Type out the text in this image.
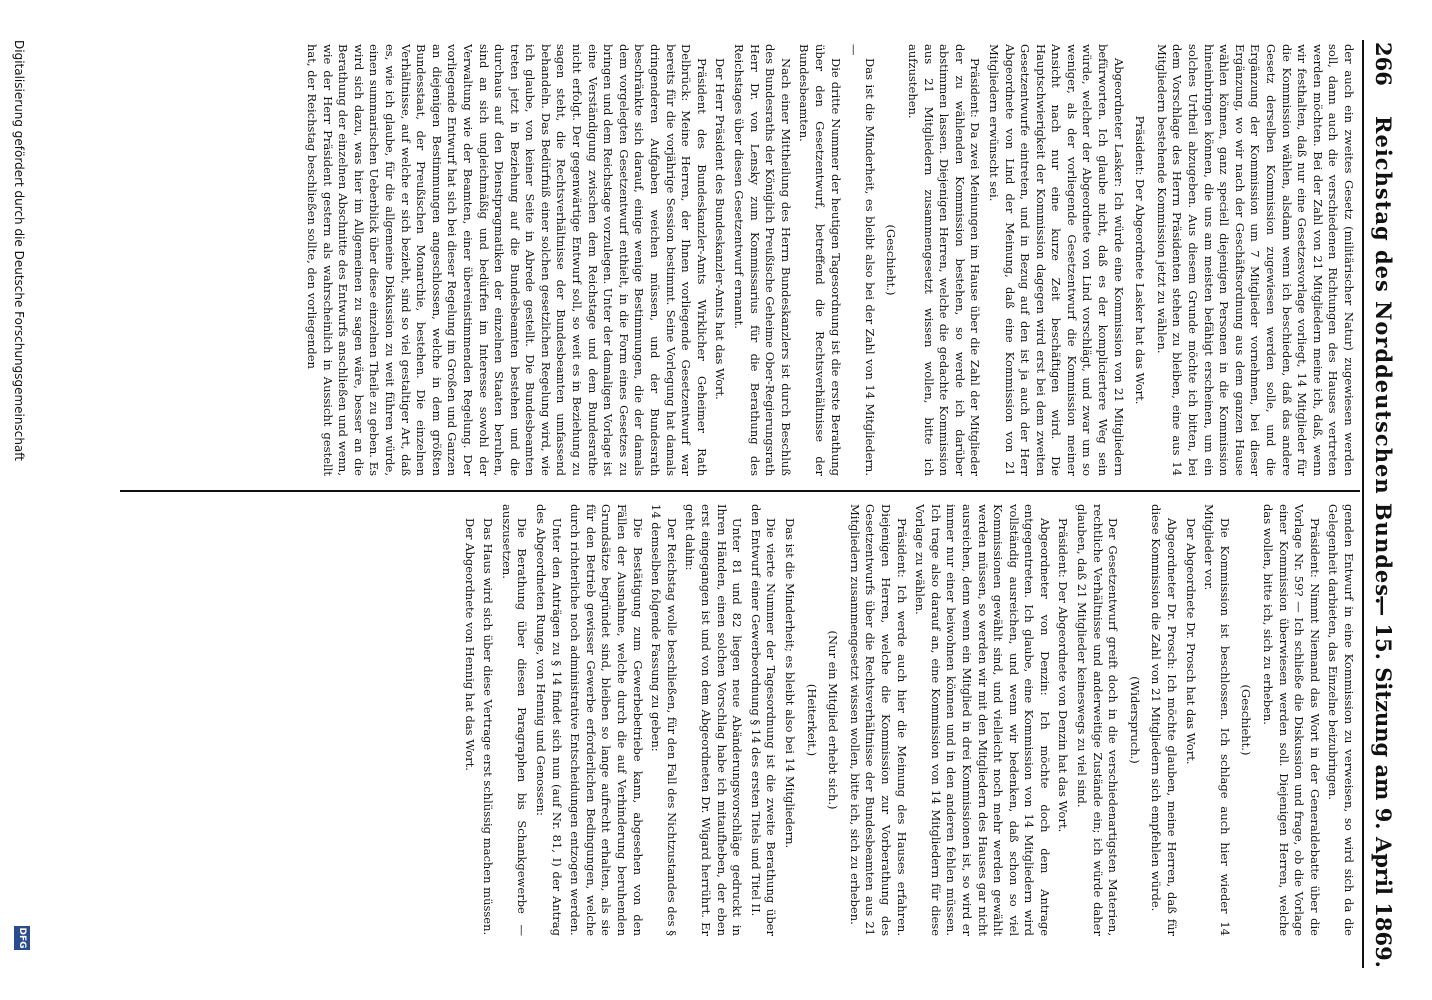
266
Reichstag des Norddeutschen Bundes.
— 15. Sitzung am 9. April 1869.

der auch ein zweites Gesetz (militärischer Natur) zugewiesen werden soll, dann auch die verschiedenen Richtungen des Hauses vertreten werden möchten. Bei der Zahl von 21 Mitgliedern meine ich, daß, wenn wir festhalten, daß nur eine Gesetzesvorlage vorliegt, 14 Mitglieder für die Kommission wählen, alsdann wenn ich beschieden, daß das andere Gesetz derselben Kommission zugewiesen werden solle, und die Ergänzung der Kommission um 7 Mitglieder vornehmen, bei dieser Ergänzung, wo wir nach der Geschäftsordnung aus dem ganzen Hause wählen können, ganz speciell diejenigen Personen in die Kommission hineinbringen können, die uns am meisten befähigt erscheinen, um ein solches Urtheil abzugeben. Aus diesem Grunde möchte ich bitten, bei dem Vorschlage des Herrn Präsidenten stehen zu bleiben, eine aus 14 Mitgliedern bestehende Kommission jetzt zu wählen.

Präsident: Der Abgeordnete Lasker hat das Wort.

Abgeordneter Lasker: Ich würde eine Kommission von 21 Mitgliedern befürworten. Ich glaube nicht, daß es der kompliciertere Weg sein würde, welcher der Abgeordnete von Lind vorschlägt, und zwar um so weniger, als der vorliegende Gesetzentwurf die Kommission meiner Ansicht nach nur eine kurze Zeit beschäftigen wird. Die Hauptschwierigkeit der Kommission dagegen wird erst bei dem zweiten Gesetzentwurfe eintreten, und in Bezug auf den ist ja auch der Herr Abgeordnete von Lind der Meinung, daß eine Kommission von 21 Mitgliedern erwünscht sei.

Präsident: Da zwei Meinungen im Hause über die Zahl der Mitglieder der zu wählenden Kommission bestehen, so werde ich darüber abstimmen lassen. Diejenigen Herren, welche die gedachte Kommission aus 21 Mitgliedern zusammengesetzt wissen wollen, bitte ich aufzustehen.

(Geschieht.)

Das ist die Minderheit, es bleibt also bei der Zahl von 14 Mitgliedern. —

Die dritte Nummer der heutigen Tagesordnung ist die erste Berathung über den Gesetzentwurf, betreffend die Rechtsverhältnisse der Bundesbeamten.

Nach einer Mittheilung des Herrn Bundeskanzlers ist durch Beschluß des Bundesraths der Königlich Preußische Geheime Ober-Regierungsrath Herr Dr. von Lensky zum Kommissarius für die Berathung des Reichstages über diesen Gesetzentwurf ernannt.

Der Herr Präsident des Bundeskanzler-Amts hat das Wort.

Präsident des Bundeskanzler-Amts Wirklicher Geheimer Rath Delbrück: Meine Herren, der Ihnen vorliegende Gesetzentwurf war bereits für die vorjährige Session bestimmt. Seine Vorlegung hat damals dringenderen Aufgaben weichen müssen, und der Bundesrath beschränkte sich darauf, einige wenige Bestimmungen, die der damals dem vorgelegten Gesetzentwurf enthielt, in die Form eines Gesetzes zu bringen und dem Reichstage vorzulegen. Unter der damaligen Vorlage ist eine Verständigung zwischen dem Reichstage und dem Bundesrathe nicht erfolgt. Der gegenwärtige Entwurf soll, so weit es in Beziehung zu sagen steht, die Rechtsverhältnisse der Bundesbeamten umfassend behandeln. Das Bedürfniß einer solchen gesetzlichen Regelung wird, wie ich glaube, von keiner Seite in Abrede gestellt. Die Bundesbeamten treten jetzt in Beziehung auf die Bundesbeamten bestehen und die durchaus auf den Dienstpragmatiken der einzelnen Staaten beruhen, sind an sich ungleichmäßig und bedürfen im Interesse sowohl der Verwaltung wie der Beamten, einer übereinstimmenden Regelung. Der vorliegende Entwurf hat sich bei dieser Regelung im Großen und Ganzen an diejenigen Bestimmungen angeschlossen, welche in dem größten Bundesstaat, der Preußischen Monarchie, bestehen. Die einzelnen Verhältnisse, auf welche er sich bezieht, sind so viel gestaltiger Art, daß es, wie ich glaube, für die allgemeine Diskussion zu weit führen würde, einen summarischen Ueberblick über diese einzelnen Theile zu geben. Es wird sich dazu, was hier im Allgemeinen zu sagen wäre, besser an die Berathung der einzelnen Abschnitte des Entwurfs anschließen und wenn, wie der Herr Präsident gestern als wahrscheinlich in Aussicht gestellt hat, der Reichstag beschließen sollte, den vorliegenden

genden Entwurf in eine Kommission zu verweisen, so wird sich da die Gelegenheit darbieten, das Einzelne beizubringen.

Präsident: Nimmt Niemand das Wort in der Generaldebatte über die Vorlage Nr. 59? — Ich schließe die Diskussion und frage, ob die Vorlage einer Kommission überwiesen werden soll. Diejenigen Herren, welche das wollen, bitte ich, sich zu erheben.

(Geschieht.)

Die Kommission ist beschlossen. Ich schlage auch hier wieder 14 Mitglieder vor.

Der Abgeordnete Dr. Prosch hat das Wort.

Abgeordneter Dr. Prosch: Ich möchte glauben, meine Herren, daß für diese Kommission die Zahl von 21 Mitgliedern sich empfehlen würde.

(Widerspruch.)

Der Gesetzentwurf greift doch in die verschiedenartigsten Materien, rechtliche Verhältnisse und anderweitige Zustände ein; ich würde daher glauben, daß 21 Mitglieder keineswegs zu viel sind.

Präsident: Der Abgeordnete von Denzin hat das Wort.

Abgeordneter von Denzin: Ich möchte doch dem Antrage entgegentreten. Ich glaube, eine Kommission von 14 Mitgliedern wird vollständig ausreichen, und wenn wir bedenken, daß schon so viel Kommissionen gewählt sind, und vielleicht noch mehr werden gewählt werden müssen, so werden wir mit den Mitgliedern des Hauses gar nicht ausreichen, denn wenn ein Mitglied in drei Kommissionen ist, so wird er immer nur einer beiwohnen können und in den anderen fehlen müssen. Ich trage also darauf an, eine Kommission von 14 Mitgliedern für diese Vorlage zu wählen.

Präsident: Ich werde auch hier die Meinung des Hauses erfahren. Diejenigen Herren, welche die Kommission zur Vorberathung des Gesetzentwurfs über die Rechtsverhältnisse der Bundesbeamten aus 21 Mitgliedern zusammengesetzt wissen wollen, bitte ich, sich zu erheben.

(Nur ein Mitglied erhebt sich.)

(Heiterkeit.)

Das ist die Minderheit; es bleibt also bei 14 Mitgliedern.

Die vierte Nummer der Tagesordnung ist die zweite Berathung über den Entwurf einer Gewerbeordnung § 14 des ersten Titels und Titel II.

Unter 81 und 82 liegen neue Abänderungsvorschläge gedruckt in Ihren Händen, einen solchen Vorschlag habe ich mitaufheben, der eben erst eingegangen ist und von dem Abgeordneten Dr. Wigard herrührt. Er geht dahin:

Der Reichstag wolle beschließen, für den Fall des Nichtzustandes des § 14 demselben folgende Fassung zu geben:

Die Bestätigung zum Gewerbebetriebe kann, abgesehen von den Fällen der Ausnahme, welche durch die auf Verhinderung beruhenden Grundsätze begründet sind, bleiben so lange aufrecht erhalten, als sie für den Betrieb gewisser Gewerbe erforderlichen Bedingungen, welche durch richterliche noch administrative Entscheidungen entzogen werden.

Unter den Anträgen zu § 14 findet sich nun (auf Nr. 81, I) der Antrag des Abgeordneten Runge, von Hennig und Genossen:

Die Berathung über diesen Paragraphen bis Schankgewerbe — auszusetzen.

Das Haus wird sich über diese Vertrage erst schlüssig machen müssen.

Der Abgeordnete von Hennig hat das Wort.

Digitalisierung gefördert durch die Deutsche Forschungsgemeinschaft
DFG
